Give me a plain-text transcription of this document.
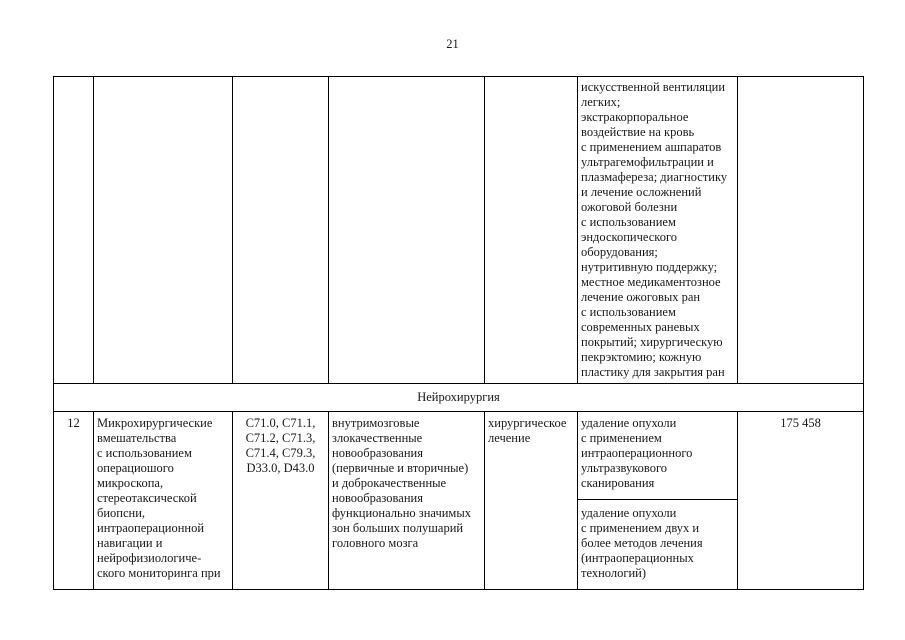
21
искусственной вентиляции
легких;
экстракорпоральное
воздействие на кровь
с применением ашпаратов
ультрагемофильтрации и
плазмафереза; диагностику
и лечение осложнений
ожоговой болезни
с использованием
эндоскопического
оборудования;
нутритивную поддержку;
местное медикаментозное
лечение ожоговых ран
с использованием
современных раневых
покрытий; хирургическую
пекрэктомию; кожную
пластику для закрытия ран
Нейрохирургия
12	Микрохирургические
вмешательства
с использованием
операциошого
микроскопа,
стереотаксической
биопсни,
интраоперационной
навигации и
нейрофизиологиче-
ского мониторинга при
C71.0, C71.1,
C71.2, C71.3,
C71.4, C79.3,
D33.0, D43.0
внутримозговые
злокачественные
новообразования
(первичные и вторичные)
и доброкачественные
новообразования
функционально значимых
зон больших полушарий
головного мозга
хирургическое
лечение
удаление опухоли
с применением
интраоперационного
ультразвукового
сканирования
удаление опухоли
с применением двух и
более методов лечения
(интраоперационных
технологий)
175 458
